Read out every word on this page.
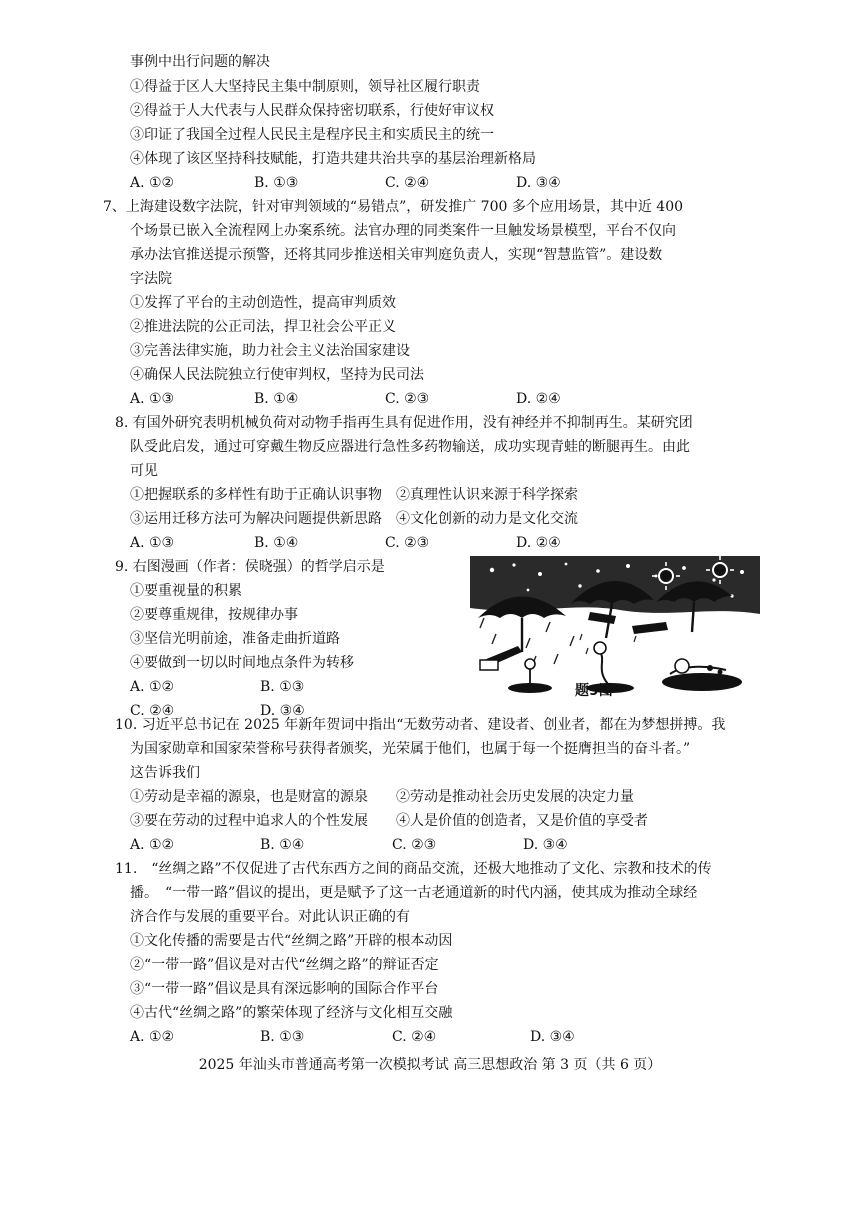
事例中出行问题的解决
①得益于区人大坚持民主集中制原则，领导社区履行职责
②得益于人大代表与人民群众保持密切联系，行使好审议权
③印证了我国全过程人民民主是程序民主和实质民主的统一
④体现了该区坚持科技赋能，打造共建共治共享的基层治理新格局
A. ①②	B. ①③	C. ②④	D. ③④
7、上海建设数字法院，针对审判领域的“易错点”，研发推广 700 多个应用场景，其中近 400
个场景已嵌入全流程网上办案系统。法官办理的同类案件一旦触发场景模型，平台不仅向
承办法官推送提示预警，还将其同步推送相关审判庭负责人，实现“智慧监管”。建设数
字法院
①发挥了平台的主动创造性，提高审判质效
②推进法院的公正司法，捍卫社会公平正义
③完善法律实施，助力社会主义法治国家建设
④确保人民法院独立行使审判权，坚持为民司法
A. ①③	B. ①④	C. ②③	D. ②④
8. 有国外研究表明机械负荷对动物手指再生具有促进作用，没有神经并不抑制再生。某研究团
队受此启发，通过可穿戴生物反应器进行急性多药物输送，成功实现青蛙的断腿再生。由此
可见
①把握联系的多样性有助于正确认识事物　②真理性认识来源于科学探索
③运用迁移方法可为解决问题提供新思路　④文化创新的动力是文化交流
A. ①③	B. ①④	C. ②③	D. ②④
9. 右图漫画（作者：侯晓强）的哲学启示是
①要重视量的积累
②要尊重规律，按规律办事
③坚信光明前途，准备走曲折道路
④要做到一切以时间地点条件为转移
A. ①②	B. ①③
C. ②④	D. ③④
题9图
10. 习近平总书记在 2025 年新年贺词中指出“无数劳动者、建设者、创业者，都在为梦想拼搏。我
为国家勋章和国家荣誉称号获得者颁奖，光荣属于他们，也属于每一个挺膺担当的奋斗者。”
这告诉我们
①劳动是幸福的源泉，也是财富的源泉　　②劳动是推动社会历史发展的决定力量
③要在劳动的过程中追求人的个性发展　　④人是价值的创造者，又是价值的享受者
A. ①②	B. ①④	C. ②③	D. ③④
11.　“丝绸之路”不仅促进了古代东西方之间的商品交流，还极大地推动了文化、宗教和技术的传
播。　“一带一路”倡议的提出，更是赋予了这一古老通道新的时代内涵，使其成为推动全球经
济合作与发展的重要平台。对此认识正确的有
①文化传播的需要是古代“丝绸之路”开辟的根本动因
②“一带一路”倡议是对古代“丝绸之路”的辩证否定
③“一带一路”倡议是具有深远影响的国际合作平台
④古代“丝绸之路”的繁荣体现了经济与文化相互交融
A. ①②	B. ①③	C. ②④	D. ③④
2025 年汕头市普通高考第一次模拟考试 高三思想政治 第 3 页（共 6 页）
